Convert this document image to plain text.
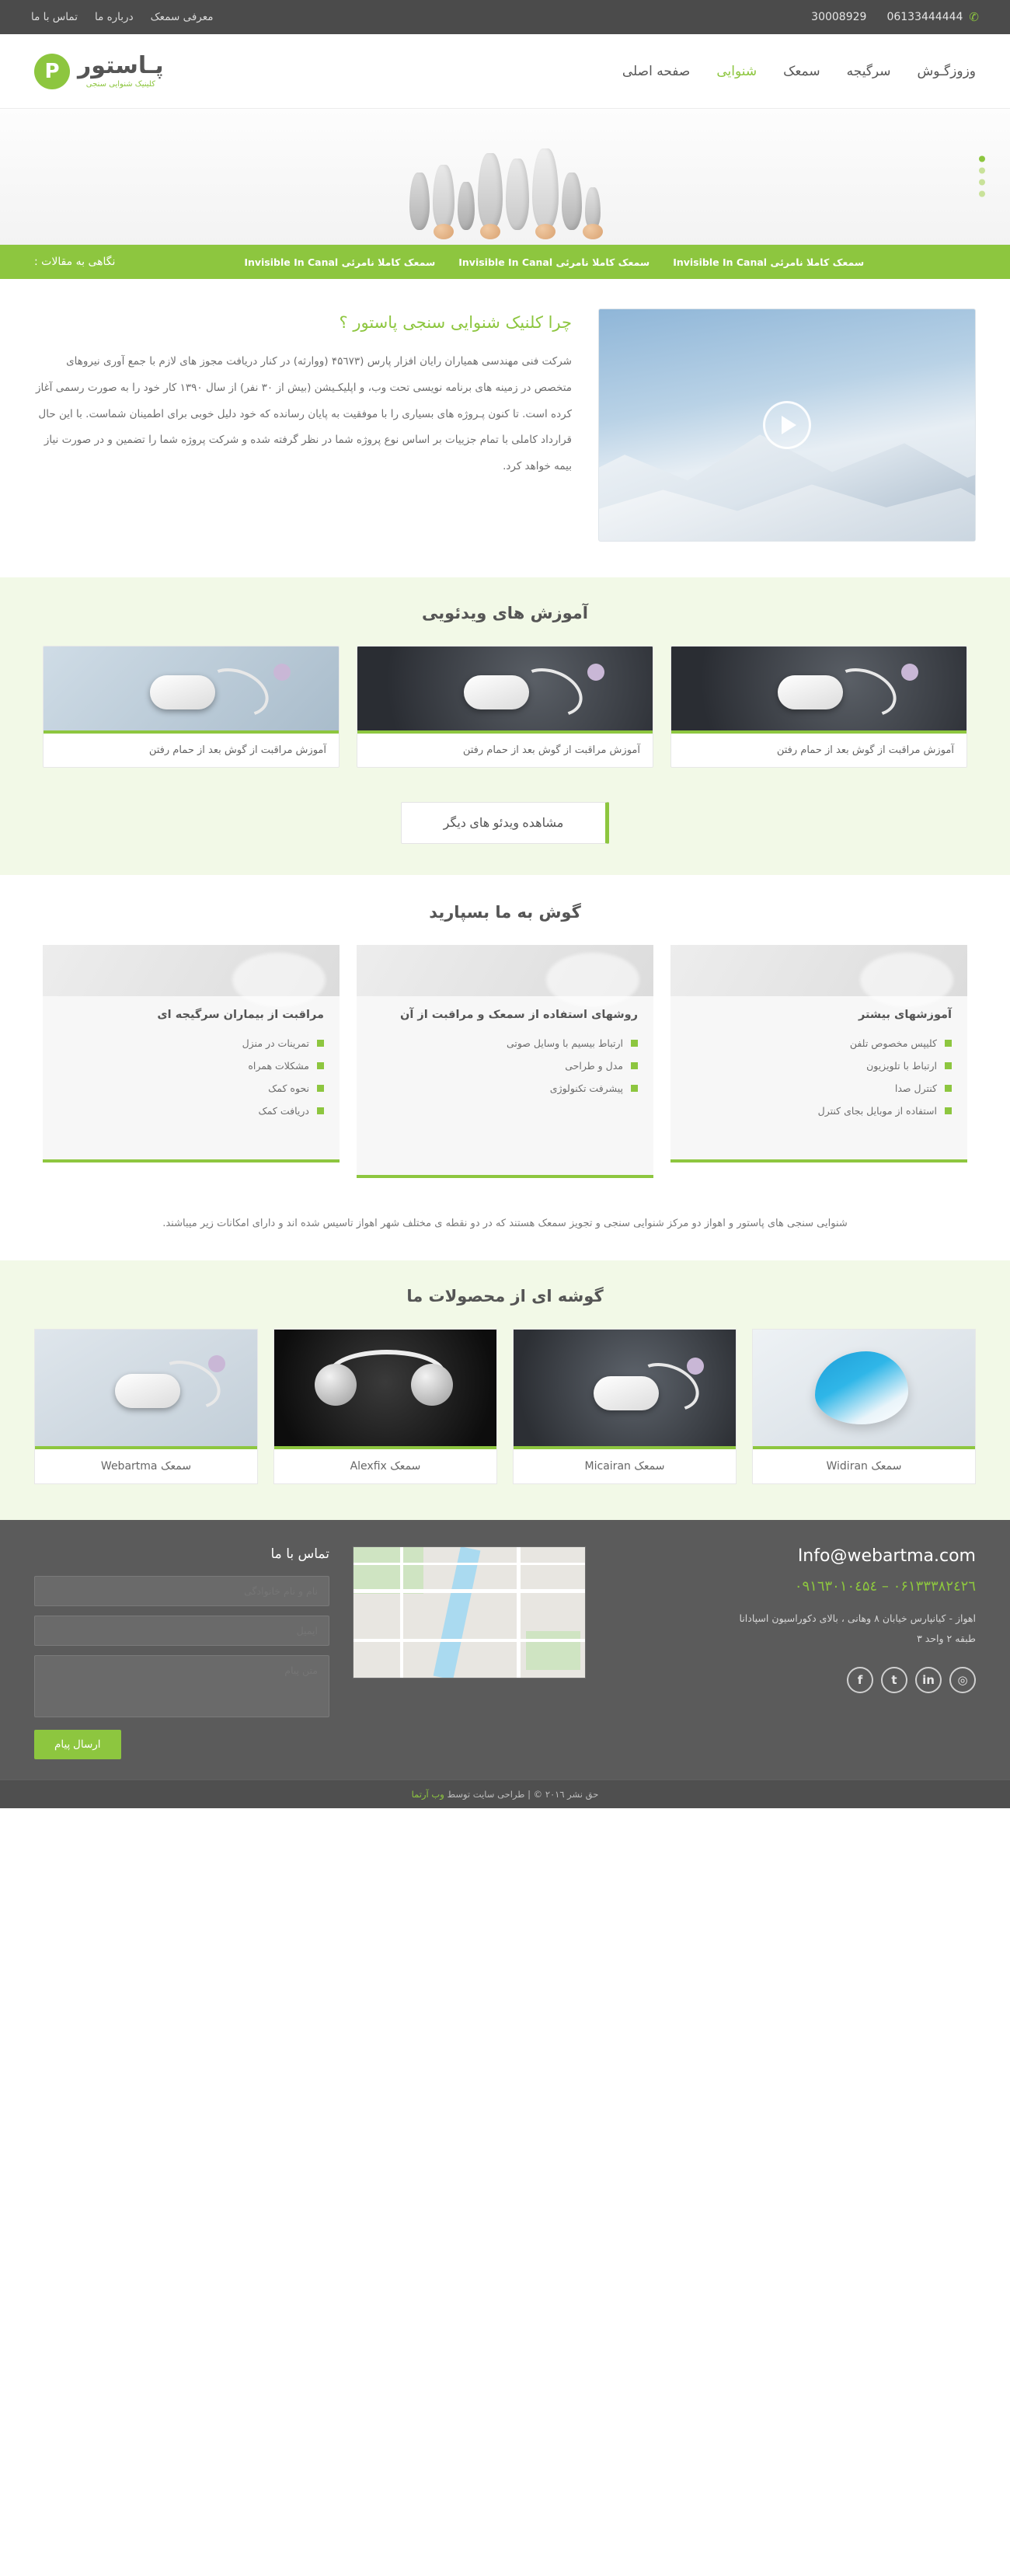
06133444444 ✆
30008929
معرفی سمعک
درباره ما
تماس با ما
وزوزگـوش
سرگیجه
سمعک
شنوایی
صفحه اصلی
پـاستور
کلینیک شنوایی سنجی
P
سمعک کاملا نامرئی Invisible In Canal
سمعک کاملا نامرئی Invisible In Canal
سمعک کاملا نامرئی Invisible In Canal
نگاهی به مقالات :
چرا کلنیک شنوایی سنجی پاستور ؟

شرکت فنی مهندسی همیاران رایان افزار پارس (۴۵٦۷۳ (ووارثه) در کنار دریافت مجوز های لازم با جمع آوری نیروهای متخصص در زمینه های برنامه نویسی تحت وب، و اپلیکـیشن (بیش از ۳۰ نفر) از سال ۱۳۹۰ کار خود را به صورت رسمی آغاز کرده است. تا کنون پـروژه های بسیاری را با موفقیت به پایان رسانده که خود دلیل خوبی برای اطمینان شماست. با این حال قرارداد کاملی با تمام جزییات بر اساس نوع پروژه شما در نظر گرفته شده و شرکت پروژه شما را تضمین و در صورت نیاز بیمه خواهد کرد.

آموزش های ویدئویی
آموزش مراقبت از گوش بعد از حمام رفتن
آموزش مراقبت از گوش بعد از حمام رفتن
آموزش مراقبت از گوش بعد از حمام رفتن
مشاهده ویدئو های دیگر
گوش به ما بسپارید
آموزشهای بیشتر
کلیپس مخصوص تلفن
ارتباط با تلویزیون
کنترل صدا
استفاده از موبایل بجای کنترل
روشهای استفاده از سمعک و مراقبت از آن
ارتباط بیسیم با وسایل صوتی
مدل و طراحی
پیشرفت تکنولوژی
مراقبت از بیماران سرگیجه ای
تمرینات در منزل
مشکلات همراه
نحوه کمک
دریافت کمک
شنوایی سنجی های پاستور و اهواز دو مرکز شنوایی سنجی و تجویز سمعک هستند که در دو نقطه ی مختلف شهر اهواز تاسیس شده اند و دارای امکانات زیر میباشند.
گوشه ای از محصولات ما
سمعک Widiran
سمعک Micairan
سمعک Alexfix
سمعک Webartma
Info@webartma.com
۰۶۱۳۳۳۸۲٤۲٦ – ۰۹۱٦۳۰۱۰٤۵٤
اهواز - کیانپارس خیابان ۸ وهانی ، بالای دکوراسیون اسپادانا
طبقه ۲ واحد ۳
◎
in
t
f
تماس با ما
نام و نام خانوادگی ایمیل متن پیام
ارسال پیام
حق نشر ۲۰۱٦ © | طراحی سایت توسط وب آرتما
